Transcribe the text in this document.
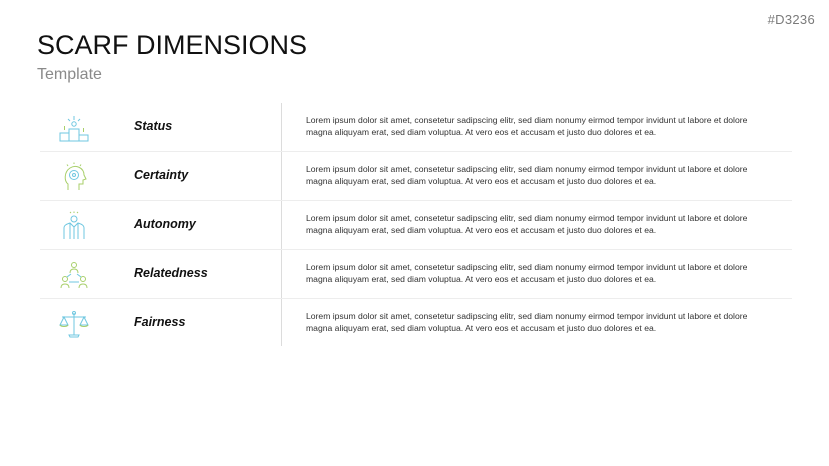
#D3236
SCARF DIMENSIONS

Template

Status	Lorem ipsum dolor sit amet, consetetur sadipscing elitr, sed diam nonumy eirmod tempor invidunt ut labore et dolore magna aliquyam erat, sed diam voluptua. At vero eos et accusam et justo duo dolores et ea.
Certainty	Lorem ipsum dolor sit amet, consetetur sadipscing elitr, sed diam nonumy eirmod tempor invidunt ut labore et dolore magna aliquyam erat, sed diam voluptua. At vero eos et accusam et justo duo dolores et ea.
Autonomy	Lorem ipsum dolor sit amet, consetetur sadipscing elitr, sed diam nonumy eirmod tempor invidunt ut labore et dolore magna aliquyam erat, sed diam voluptua. At vero eos et accusam et justo duo dolores et ea.
Relatedness	Lorem ipsum dolor sit amet, consetetur sadipscing elitr, sed diam nonumy eirmod tempor invidunt ut labore et dolore magna aliquyam erat, sed diam voluptua. At vero eos et accusam et justo duo dolores et ea.
Fairness	Lorem ipsum dolor sit amet, consetetur sadipscing elitr, sed diam nonumy eirmod tempor invidunt ut labore et dolore magna aliquyam erat, sed diam voluptua. At vero eos et accusam et justo duo dolores et ea.
